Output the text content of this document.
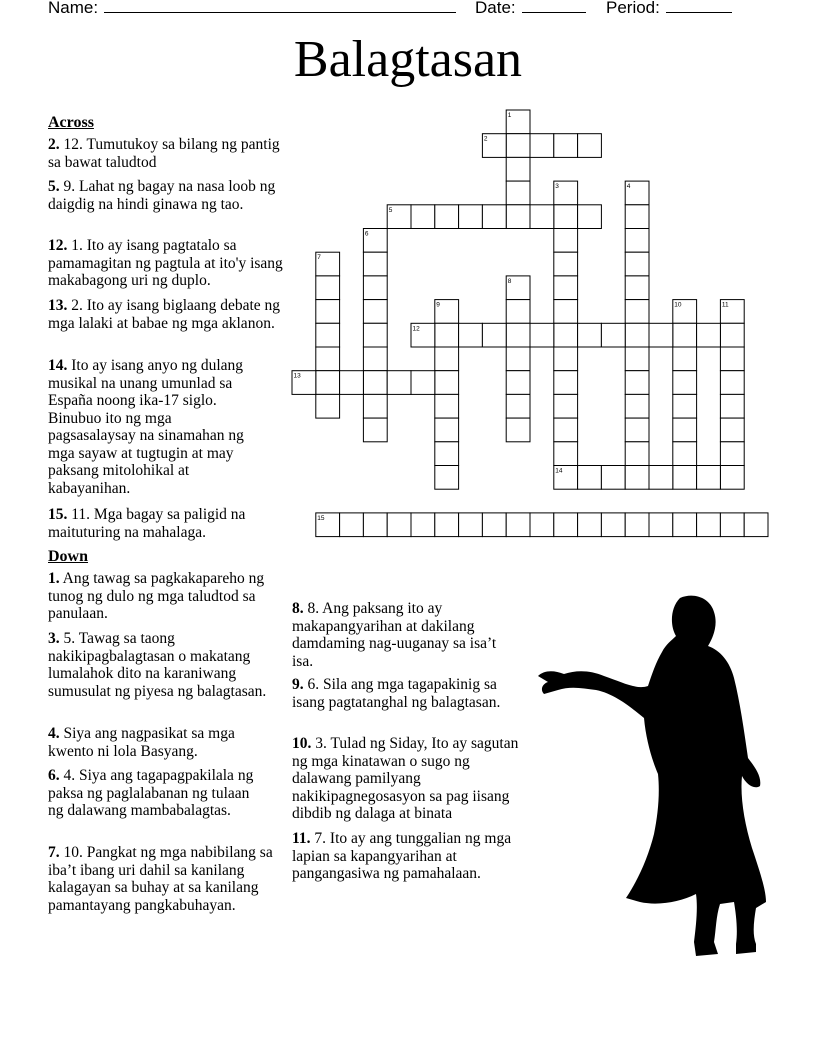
Name:	Date:	Period:
Balagtasan
Across
2. 12. Tumutukoy sa bilang ng pantig sa bawat taludtod
5. 9. Lahat ng bagay na nasa loob ng daigdig na hindi ginawa ng tao.
12. 1. Ito ay isang pagtatalo sa pamamagitan ng pagtula at ito'y isang makabagong uri ng duplo.
13. 2. Ito ay isang biglaang debate ng mga lalaki at babae ng mga aklanon.
14. Ito ay isang anyo ng dulang musikal na unang umunlad sa España noong ika-17 siglo. Binubuo ito ng mga pagsasalaysay na sinamahan ng mga sayaw at tugtugin at may paksang mitolohikal at kabayanihan.
15. 11. Mga bagay sa paligid na maituturing na mahalaga.
Down
1. Ang tawag sa pagkakapareho ng tunog ng dulo ng mga taludtod sa panulaan.
3. 5. Tawag sa taong nakikipagbalagtasan o makatang lumalahok dito na karaniwang sumusulat ng piyesa ng balagtasan.
4. Siya ang nagpasikat sa mga kwento ni lola Basyang.
6. 4. Siya ang tagapagpakilala ng paksa ng paglalabanan ng tulaan ng dalawang mambabalagtas.
7. 10. Pangkat ng mga nabibilang sa iba’t ibang uri dahil sa kanilang kalagayan sa buhay at sa kanilang pamantayang pangkabuhayan.
8. 8. Ang paksang ito ay makapangyarihan at dakilang damdaming nag-uuganay sa isa’t isa.
9. 6. Sila ang mga tagapakinig sa isang pagtatanghal ng balagtasan.
10. 3. Tulad ng Siday, Ito ay sagutan ng mga kinatawan o sugo ng dalawang pamilyang nakikipagnegosasyon sa pag iisang dibdib ng dalaga at binata
11. 7. Ito ay ang tunggalian ng mga lapian sa kapangyarihan at pangangasiwa ng pamahalaan.
1
2
3	4
5
6
7
8
9	10	11
12
13
14
15
